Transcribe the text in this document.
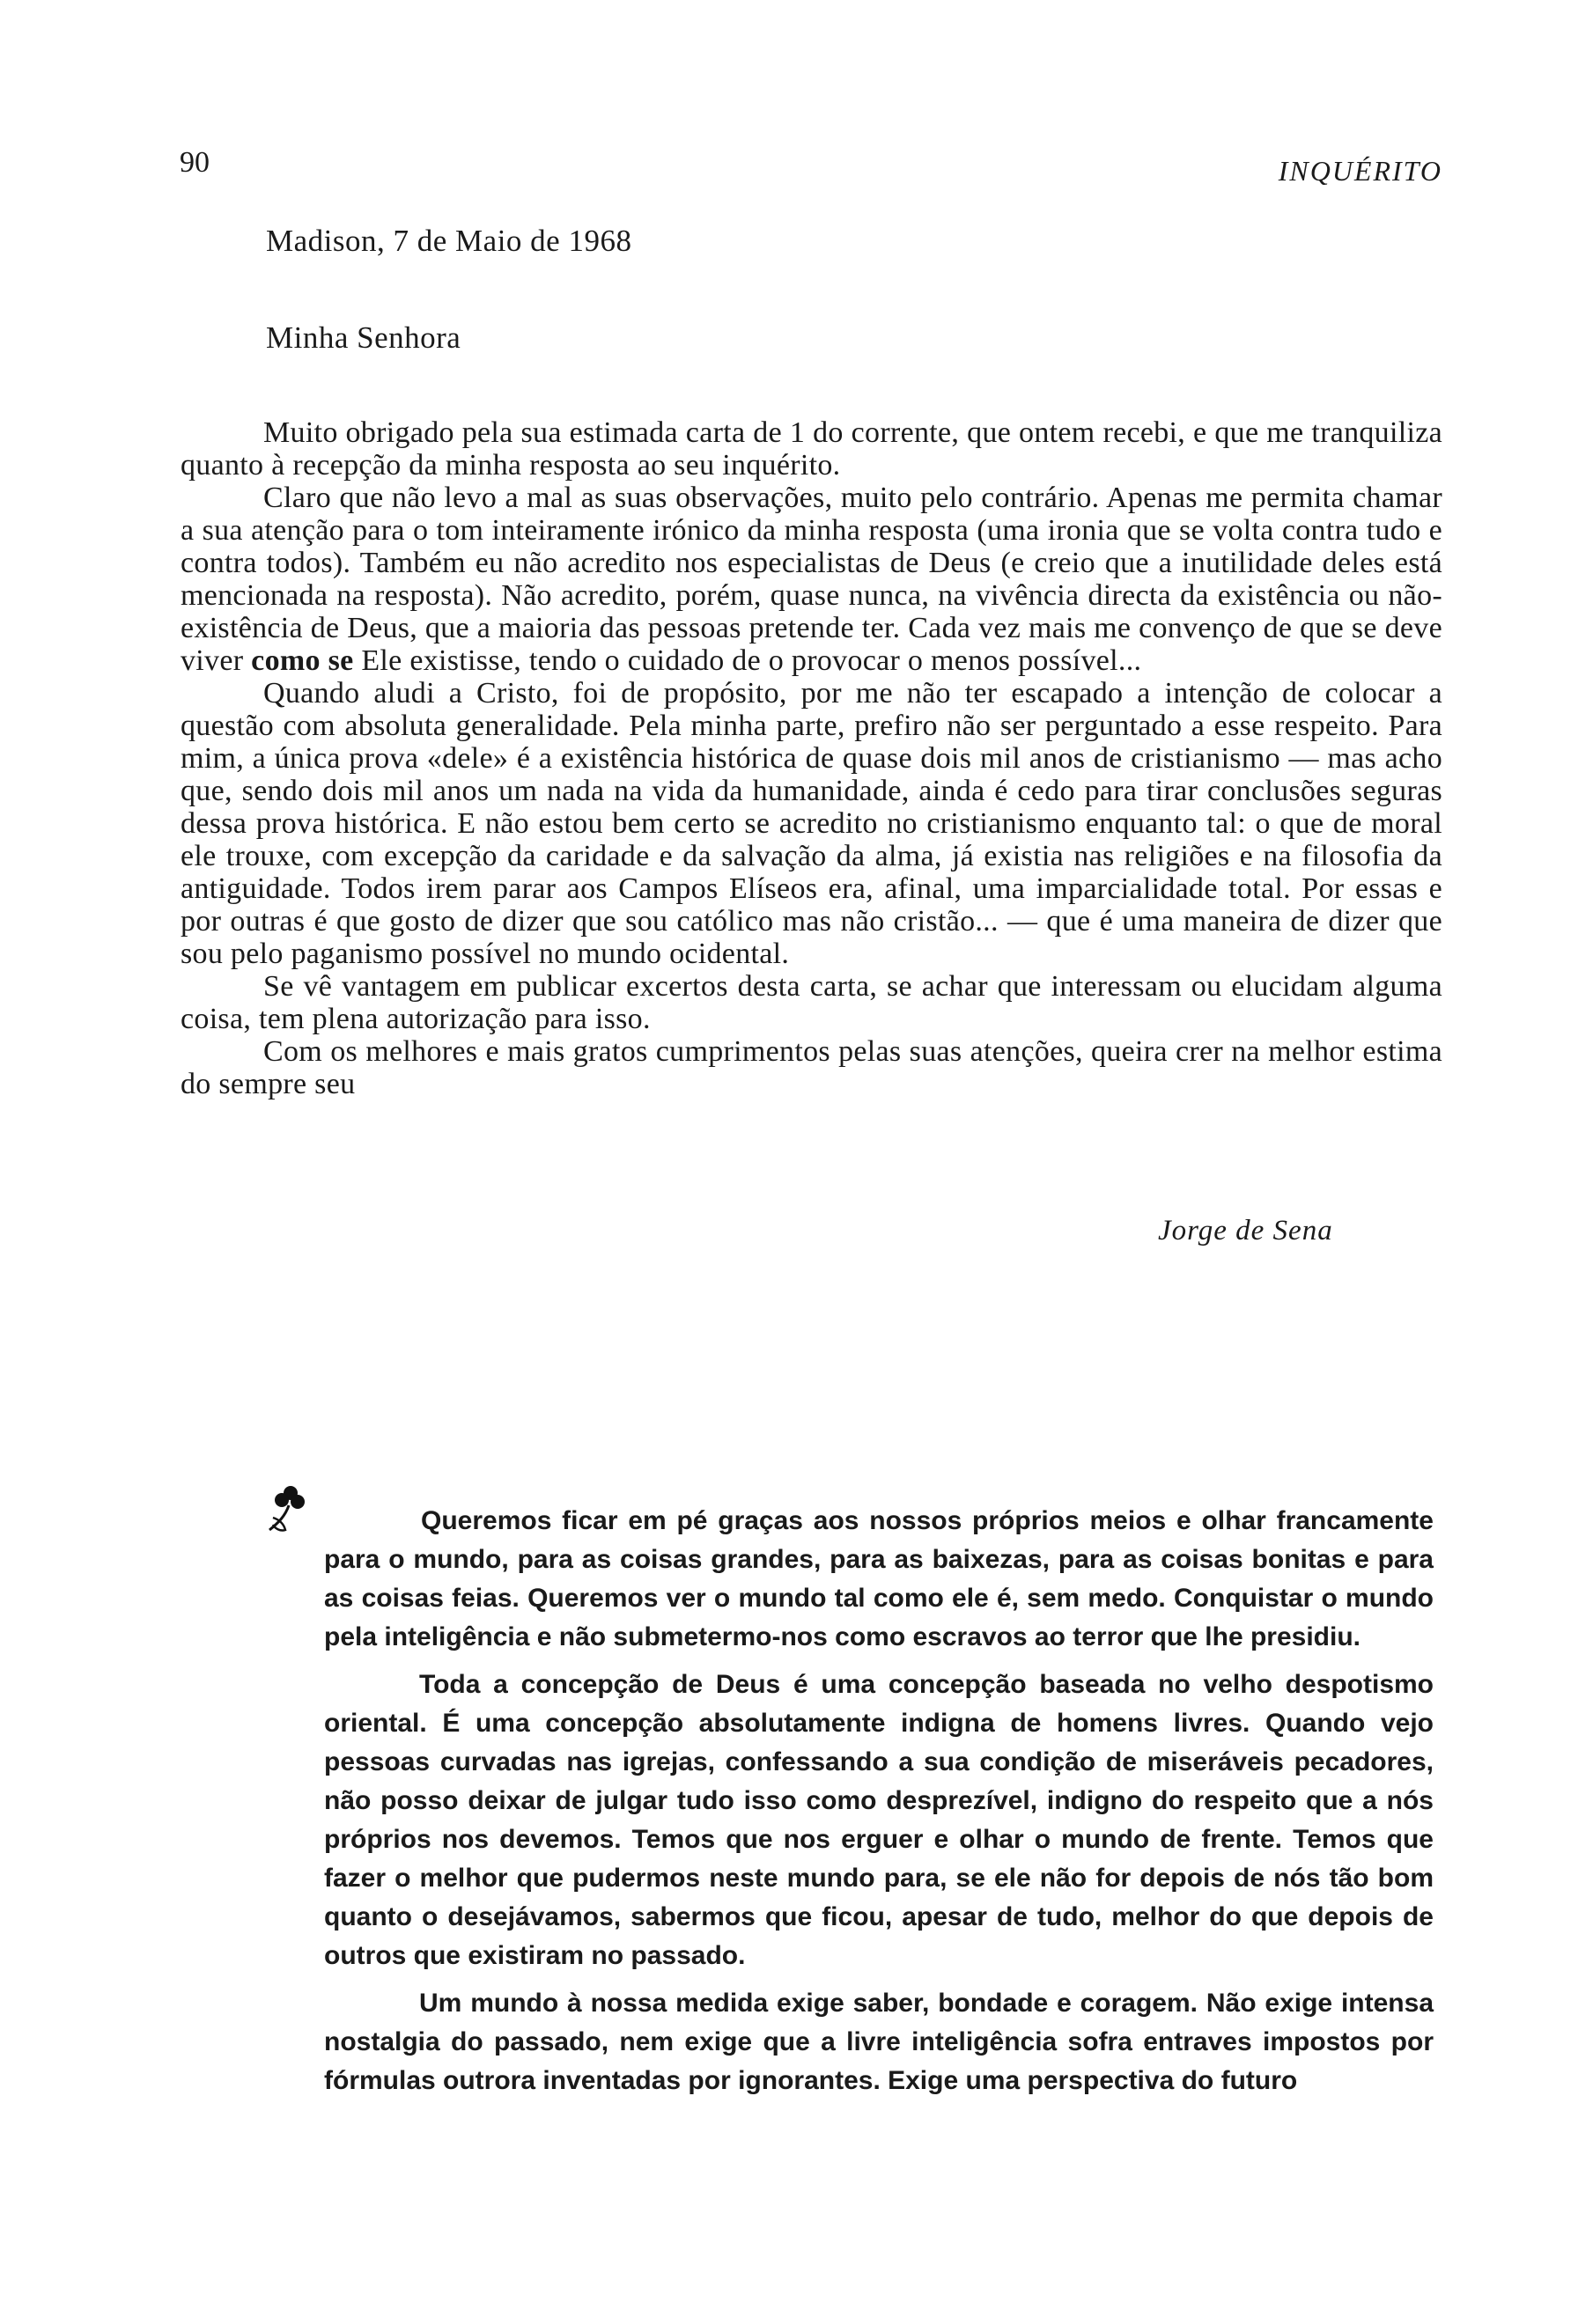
90	INQUÉRITO
Madison, 7 de Maio de 1968
Minha Senhora

Muito obrigado pela sua estimada carta de 1 do corrente, que ontem recebi, e que me tranquiliza quanto à recepção da minha resposta ao seu inquérito.

Claro que não levo a mal as suas observações, muito pelo contrário. Apenas me permita chamar a sua atenção para o tom inteiramente irónico da minha resposta (uma ironia que se volta contra tudo e contra todos). Também eu não acredito nos especialistas de Deus (e creio que a inutilidade deles está mencionada na resposta). Não acredito, porém, quase nunca, na vivência directa da existência ou não-existência de Deus, que a maioria das pessoas pretende ter. Cada vez mais me convenço de que se deve viver como se Ele existisse, tendo o cuidado de o provocar o menos possível...

Quando aludi a Cristo, foi de propósito, por me não ter escapado a intenção de colocar a questão com absoluta generalidade. Pela minha parte, prefiro não ser perguntado a esse respeito. Para mim, a única prova «dele» é a existência histórica de quase dois mil anos de cristianismo — mas acho que, sendo dois mil anos um nada na vida da humanidade, ainda é cedo para tirar conclusões seguras dessa prova histórica. E não estou bem certo se acredito no cristianismo enquanto tal: o que de moral ele trouxe, com excepção da caridade e da salvação da alma, já existia nas religiões e na filosofia da antiguidade. Todos irem parar aos Campos Elíseos era, afinal, uma imparcialidade total. Por essas e por outras é que gosto de dizer que sou católico mas não cristão... — que é uma maneira de dizer que sou pelo paganismo possível no mundo ocidental.

Se vê vantagem em publicar excertos desta carta, se achar que interessam ou elucidam alguma coisa, tem plena autorização para isso.

Com os melhores e mais gratos cumprimentos pelas suas atenções, queira crer na melhor estima do sempre seu

Jorge de Sena

Queremos ficar em pé graças aos nossos próprios meios e olhar francamente para o mundo, para as coisas grandes, para as baixezas, para as coisas bonitas e para as coisas feias. Queremos ver o mundo tal como ele é, sem medo. Conquistar o mundo pela inteligência e não submetermo-nos como escravos ao terror que lhe presidiu.

Toda a concepção de Deus é uma concepção baseada no velho despotismo oriental. É uma concepção absolutamente indigna de homens livres. Quando vejo pessoas curvadas nas igrejas, confessando a sua condição de miseráveis pecadores, não posso deixar de julgar tudo isso como desprezível, indigno do respeito que a nós próprios nos devemos. Temos que nos erguer e olhar o mundo de frente. Temos que fazer o melhor que pudermos neste mundo para, se ele não for depois de nós tão bom quanto o desejávamos, sabermos que ficou, apesar de tudo, melhor do que depois de outros que existiram no passado.

Um mundo à nossa medida exige saber, bondade e coragem. Não exige intensa nostalgia do passado, nem exige que a livre inteligência sofra entraves impostos por fórmulas outrora inventadas por ignorantes. Exige uma perspectiva do futuro
